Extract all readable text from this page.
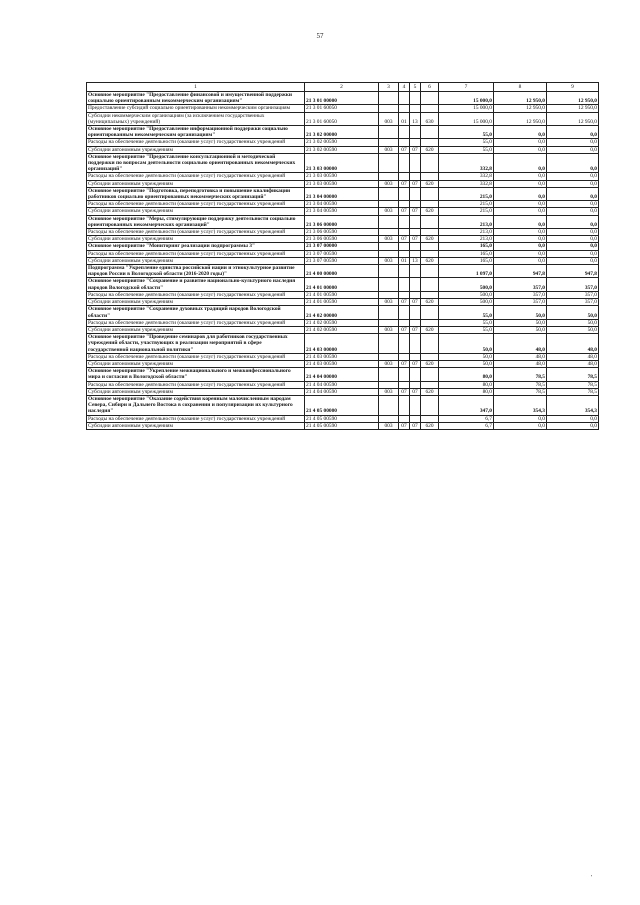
57
1	2	3	4	5	6	7	8	9
Основное мероприятие "Предоставление финансовой и имущественной поддержки социально ориентированным некоммерческим организациям"	21 3 01 00000					15 000,0	12 950,0	12 950,0
Предоставление субсидий социально ориентированным некоммерческим организациям	21 3 01 60050					15 000,0	12 950,0	12 950,0
Субсидии некоммерческим организациям (за исключением государственных (муниципальных) учреждений)	21 3 01 60050	003	01	13	630	15 000,0	12 950,0	12 950,0
Основное мероприятие "Предоставление информационной поддержки социально ориентированным некоммерческим организациям"	21 3 02 00000					55,0	0,0	0,0
Расходы на обеспечение деятельности (оказание услуг) государственных учреждений	21 3 02 00590					55,0	0,0	0,0
Субсидии автономным учреждениям	21 3 02 00590	003	07	07	620	55,0	0,0	0,0
Основное мероприятие "Предоставление консультационной и методической поддержки по вопросам деятельности социально ориентированных некоммерческих организаций"	21 3 03 00000					332,8	0,0	0,0
Расходы на обеспечение деятельности (оказание услуг) государственных учреждений	21 3 03 00590					332,8	0,0	0,0
Субсидии автономным учреждениям	21 3 03 00590	003	07	07	620	332,8	0,0	0,0
Основное мероприятие "Подготовка, переподготовка и повышение квалификации работников социально ориентированных некоммерческих организаций"	21 3 04 00000					215,0	0,0	0,0
Расходы на обеспечение деятельности (оказание услуг) государственных учреждений	21 3 04 00590					215,0	0,0	0,0
Субсидии автономным учреждениям	21 3 04 00590	003	07	07	620	215,0	0,0	0,0
Основное мероприятие "Меры, стимулирующие поддержку деятельности социально ориентированных некоммерческих организаций"	21 3 06 00000					213,0	0,0	0,0
Расходы на обеспечение деятельности (оказание услуг) государственных учреждений	21 3 06 00590					213,0	0,0	0,0
Субсидии автономным учреждениям	21 3 06 00590	003	07	07	620	213,0	0,0	0,0
Основное мероприятие "Мониторинг реализации подпрограммы 3"	21 3 07 00000					165,0	0,0	0,0
Расходы на обеспечение деятельности (оказание услуг) государственных учреждений	21 3 07 00590					165,0	0,0	0,0
Субсидии автономным учреждениям	21 3 07 00590	003	01	13	620	165,0	0,0	0,0
Подпрограмма "Укрепление единства российской нации и этнокультурное развитие народов России в Вологодской области (2016-2020 годы)"	21 4 00 00000					1 097,0	947,8	947,8
Основное мероприятие "Сохранение и развитие национально-культурного наследия народов Вологодской области"	21 4 01 00000					500,0	357,0	357,0
Расходы на обеспечение деятельности (оказание услуг) государственных учреждений	21 4 01 00590					500,0	357,0	357,0
Субсидии автономным учреждениям	21 4 01 00590	003	07	07	620	500,0	357,0	357,0
Основное мероприятие "Сохранение духовных традиций народов Вологодской области"	21 4 02 00000					55,0	50,0	50,0
Расходы на обеспечение деятельности (оказание услуг) государственных учреждений	21 4 02 00590					55,0	50,0	50,0
Субсидии автономным учреждениям	21 4 02 00590	003	07	07	620	55,0	50,0	50,0
Основное мероприятие "Проведение семинаров для работников государственных учреждений области, участвующих в реализации мероприятий в сфере государственной национальной политики"	21 4 03 00000					50,0	48,0	48,0
Расходы на обеспечение деятельности (оказание услуг) государственных учреждений	21 4 03 00590					50,0	48,0	48,0
Субсидии автономным учреждениям	21 4 03 00590	003	07	07	620	50,0	48,0	48,0
Основное мероприятие "Укрепление межнационального и межконфессионального мира и согласия в Вологодской области"	21 4 04 00000					80,0	78,5	78,5
Расходы на обеспечение деятельности (оказание услуг) государственных учреждений	21 4 04 00590					80,0	78,5	78,5
Субсидии автономным учреждениям	21 4 04 00590	003	07	07	620	80,0	78,5	78,5
Основное мероприятие "Оказание содействия коренным малочисленным народам Севера, Сибири и Дальнего Востока в сохранении и популяризации их культурного наследия"	21 4 05 00000					347,0	354,3	354,3
Расходы на обеспечение деятельности (оказание услуг) государственных учреждений	21 4 05 00590					6,7	0,0	0,0
Субсидии автономным учреждениям	21 4 05 00590	003	07	07	620	6,7	0,0	0,0
'
